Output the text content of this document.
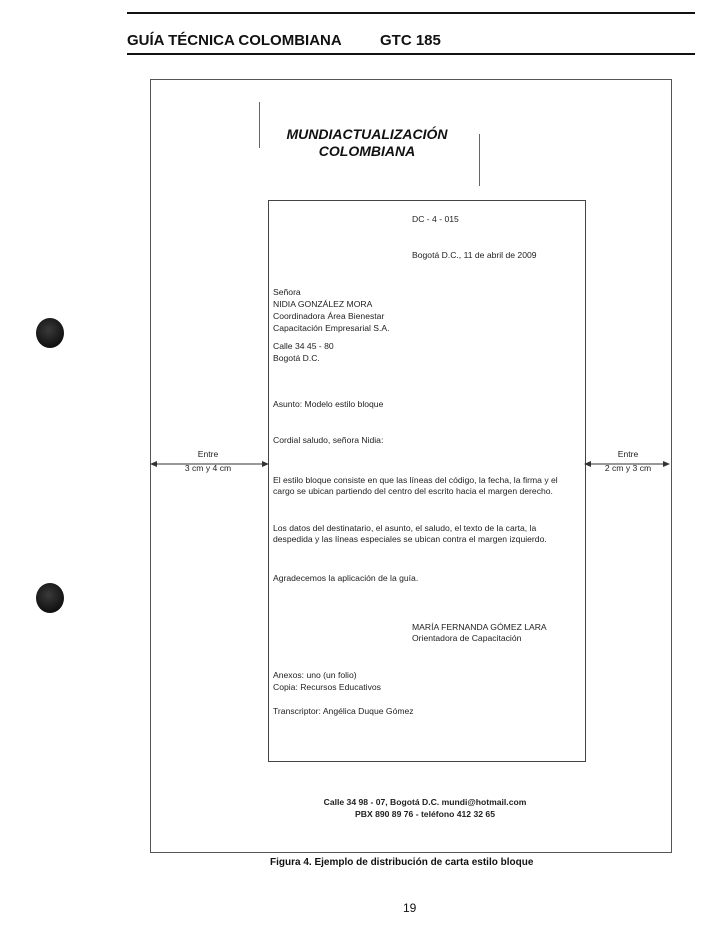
GUÍA TÉCNICA COLOMBIANA	GTC 185
MUNDIACTUALIZACIÓN
COLOMBIANA
DC - 4 - 015
Bogotá D.C., 11 de abril de 2009
Señora
NIDIA GONZÁLEZ MORA
Coordinadora Área Bienestar
Capacitación Empresarial S.A.
Calle 34 45 - 80
Bogotá D.C.
Asunto: Modelo estilo bloque
Cordial saludo, señora Nidia:
El estilo bloque consiste en que las líneas del código, la fecha, la firma y el cargo se ubican partiendo del centro del escrito hacia el margen derecho.
Los datos del destinatario, el asunto, el saludo, el texto de la carta, la despedida y las líneas especiales se ubican contra el margen izquierdo.
Agradecemos la aplicación de la guía.
MARÍA FERNANDA GÓMEZ LARA
Orientadora de Capacitación
Anexos: uno (un folio)
Copia: Recursos Educativos
Transcriptor: Angélica Duque Gómez
Entre
3 cm y 4 cm
Entre
2 cm y 3 cm
Calle 34 98 - 07, Bogotá D.C. mundi@hotmail.com
PBX 890 89 76 - teléfono 412 32 65
Figura 4. Ejemplo de distribución de carta estilo bloque
19
